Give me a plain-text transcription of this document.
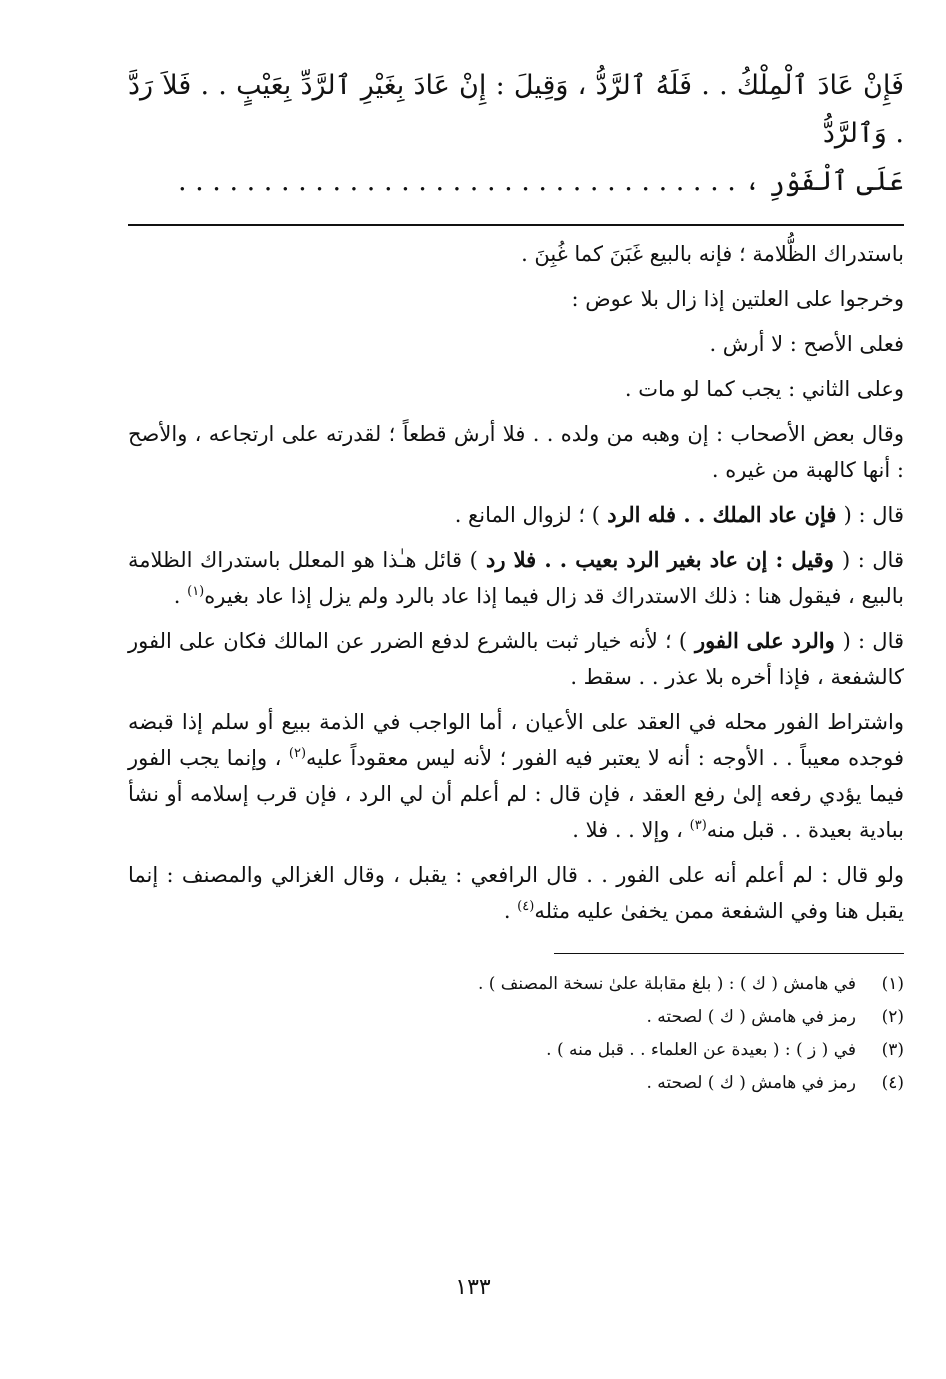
فَإِنْ عَادَ ٱلْمِلْكُ . . فَلَهُ ٱلرَّدُّ ، وَقِيلَ : إِنْ عَادَ بِغَيْرِ ٱلرَّدِّ بِعَيْبٍ . . فَلاَ رَدَّ . وَٱلرَّدُّ
عَلَى ٱلْفَوْرِ ، . . . . . . . . . . . . . . . . . . . . . . . . . . . . . . . . .

باستدراك الظُّلامة ؛ فإنه بالبيع غَبَنَ كما غُبِنَ .

وخرجوا على العلتين إذا زال بلا عوض :

فعلى الأصح : لا أرش .

وعلى الثاني : يجب كما لو مات .

وقال بعض الأصحاب : إن وهبه من ولده . . فلا أرش قطعاً ؛ لقدرته على ارتجاعه ، والأصح : أنها كالهبة من غيره .

قال : ( فإن عاد الملك . . فله الرد ) ؛ لزوال المانع .

قال : ( وقيل : إن عاد بغير الرد بعيب . . فلا رد ) قائل هـٰذا هو المعلل باستدراك الظلامة بالبيع ، فيقول هنا : ذلك الاستدراك قد زال فيما إذا عاد بالرد ولم يزل إذا عاد بغيره$^{(١)}$ .

قال : ( والرد على الفور ) ؛ لأنه خيار ثبت بالشرع لدفع الضرر عن المالك فكان على الفور كالشفعة ، فإذا أخره بلا عذر . . سقط .

واشتراط الفور محله في العقد على الأعيان ، أما الواجب في الذمة ببيع أو سلم إذا قبضه فوجده معيباً . . الأوجه : أنه لا يعتبر فيه الفور ؛ لأنه ليس معقوداً عليه$^{(٢)}$ ، وإنما يجب الفور فيما يؤدي رفعه إلىٰ رفع العقد ، فإن قال : لم أعلم أن لي الرد ، فإن قرب إسلامه أو نشأ ببادية بعيدة . . قبل منه$^{(٣)}$ ، وإلا . . فلا .

ولو قال : لم أعلم أنه على الفور . . قال الرافعي : يقبل ، وقال الغزالي والمصنف : إنما يقبل هنا وفي الشفعة ممن يخفىٰ عليه مثله$^{(٤)}$ .

(١)
في هامش ( ك ) : ( بلغ مقابلة علىٰ نسخة المصنف ) .
(٢)
رمز في هامش ( ك ) لصحته .
(٣)
في ( ز ) : ( بعيدة عن العلماء . . قبل منه ) .
(٤)
رمز في هامش ( ك ) لصحته .
١٣٣
